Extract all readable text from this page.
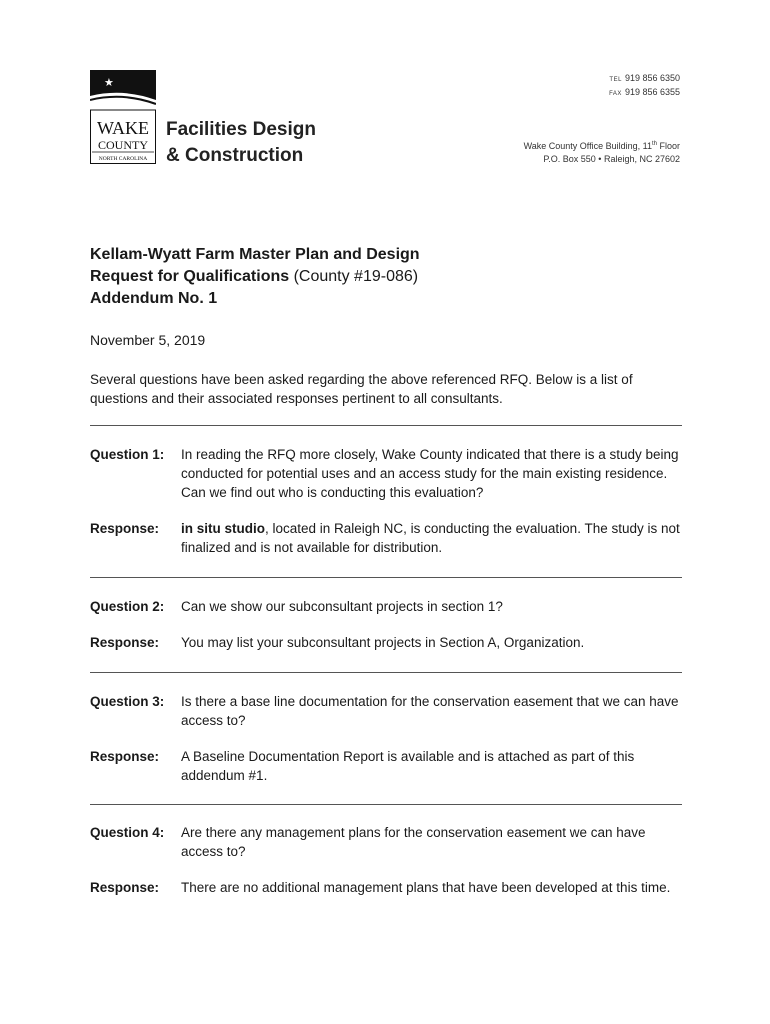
★
WAKE
COUNTY
NORTH CAROLINA
Facilities Design
& Construction
TEL 919 856 6350
FAX 919 856 6355
Wake County Office Building, 11th Floor
P.O. Box 550 • Raleigh, NC 27602
Kellam-Wyatt Farm Master Plan and Design
Request for Qualifications (County #19-086)
Addendum No. 1
November 5, 2019
Several questions have been asked regarding the above referenced RFQ. Below is a list of questions and their associated responses pertinent to all consultants.
Question 1: In reading the RFQ more closely, Wake County indicated that there is a study being conducted for potential uses and an access study for the main existing residence. Can we find out who is conducting this evaluation?
Response: in situ studio, located in Raleigh NC, is conducting the evaluation. The study is not finalized and is not available for distribution.
Question 2: Can we show our subconsultant projects in section 1?
Response: You may list your subconsultant projects in Section A, Organization.
Question 3: Is there a base line documentation for the conservation easement that we can have access to?
Response: A Baseline Documentation Report is available and is attached as part of this addendum #1.
Question 4: Are there any management plans for the conservation easement we can have access to?
Response: There are no additional management plans that have been developed at this time.
